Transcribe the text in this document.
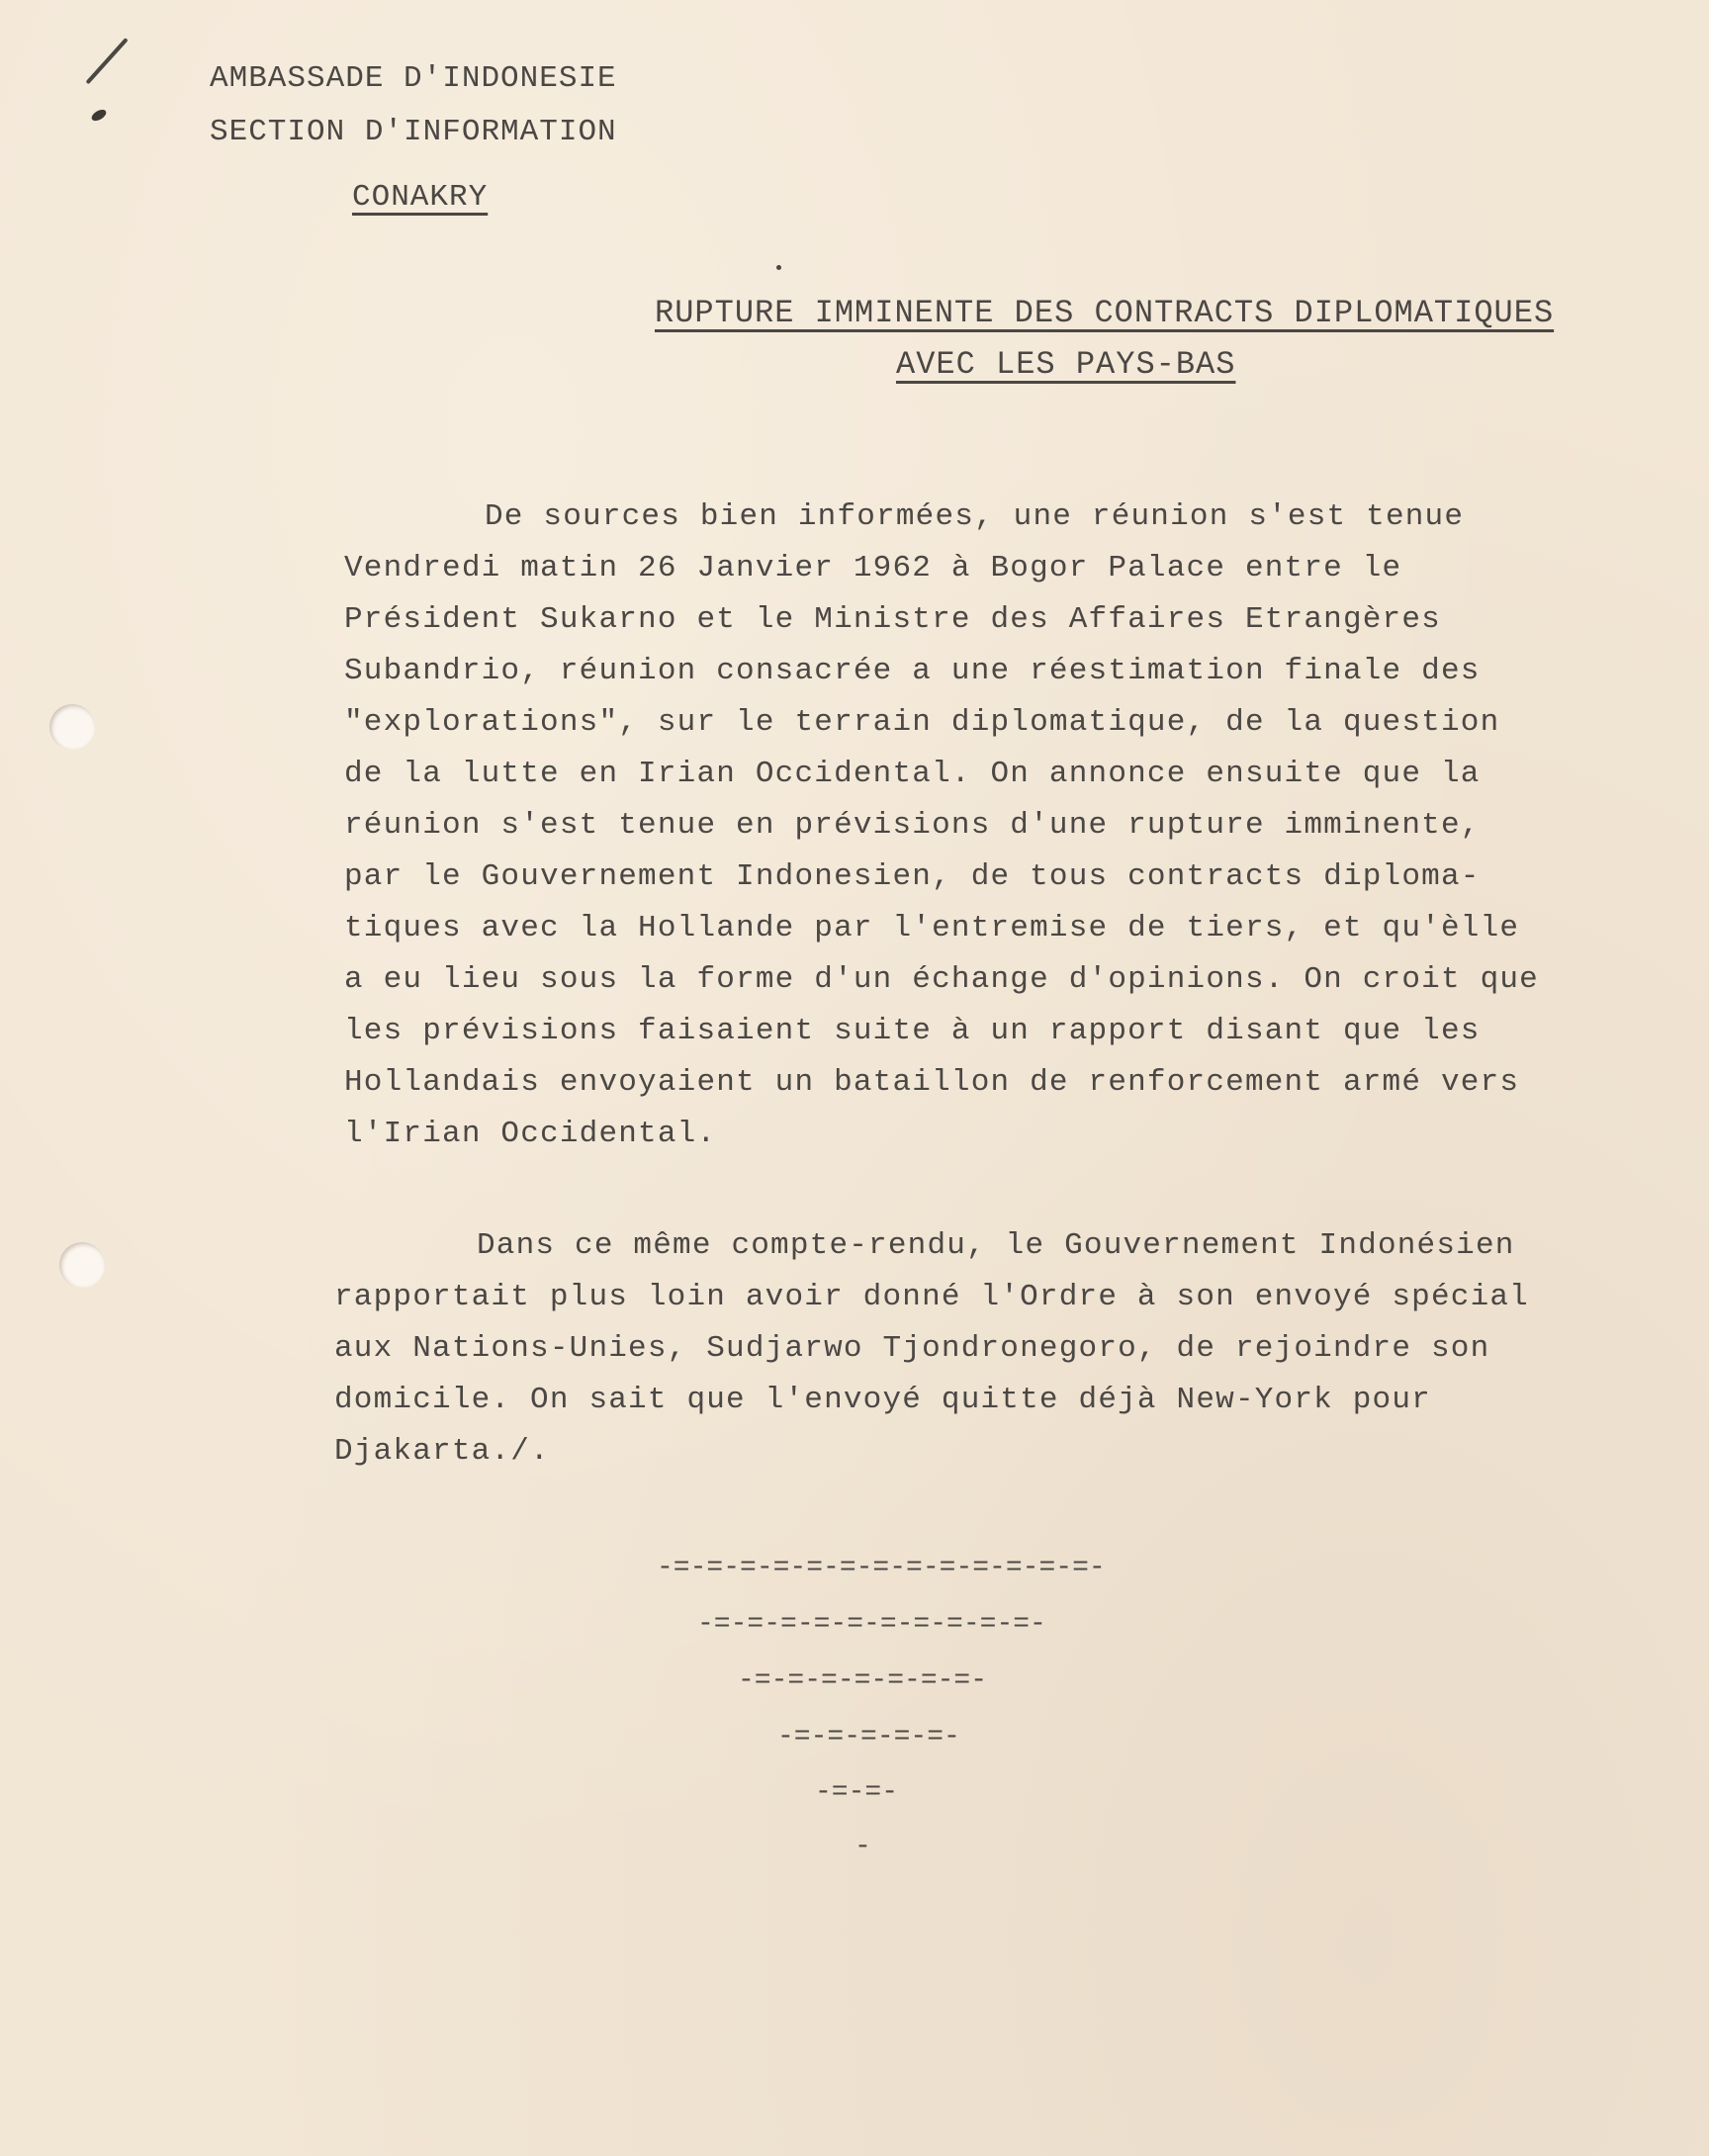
AMBASSADE D'INDONESIE
SECTION D'INFORMATION
CONAKRY
RUPTURE IMMINENTE DES CONTRACTS DIPLOMATIQUES
AVEC LES PAYS-BAS
De sources bien informées, une réunion s'est tenue
Vendredi matin 26 Janvier 1962 à Bogor Palace entre le
Président Sukarno et le Ministre des Affaires Etrangères
Subandrio, réunion consacrée a une réestimation finale des
"explorations", sur le terrain diplomatique, de la question
de la lutte en Irian Occidental. On annonce ensuite que la
réunion s'est tenue en prévisions d'une rupture imminente,
par le Gouvernement Indonesien, de tous contracts diploma-
tiques avec la Hollande par l'entremise de tiers, et qu'èlle
a eu lieu sous la forme d'un échange d'opinions. On croit que
les prévisions faisaient suite à un rapport disant que les
Hollandais envoyaient un bataillon de renforcement armé vers
l'Irian Occidental.
Dans ce même compte-rendu, le Gouvernement Indonésien
rapportait plus loin avoir donné l'Ordre à son envoyé spécial
aux Nations-Unies, Sudjarwo Tjondronegoro, de rejoindre son
domicile. On sait que l'envoyé quitte déjà New-York pour
Djakarta./.
-=-=-=-=-=-=-=-=-=-=-=-=-=-
-=-=-=-=-=-=-=-=-=-=-
-=-=-=-=-=-=-=-
-=-=-=-=-=-
-=-=-
-
